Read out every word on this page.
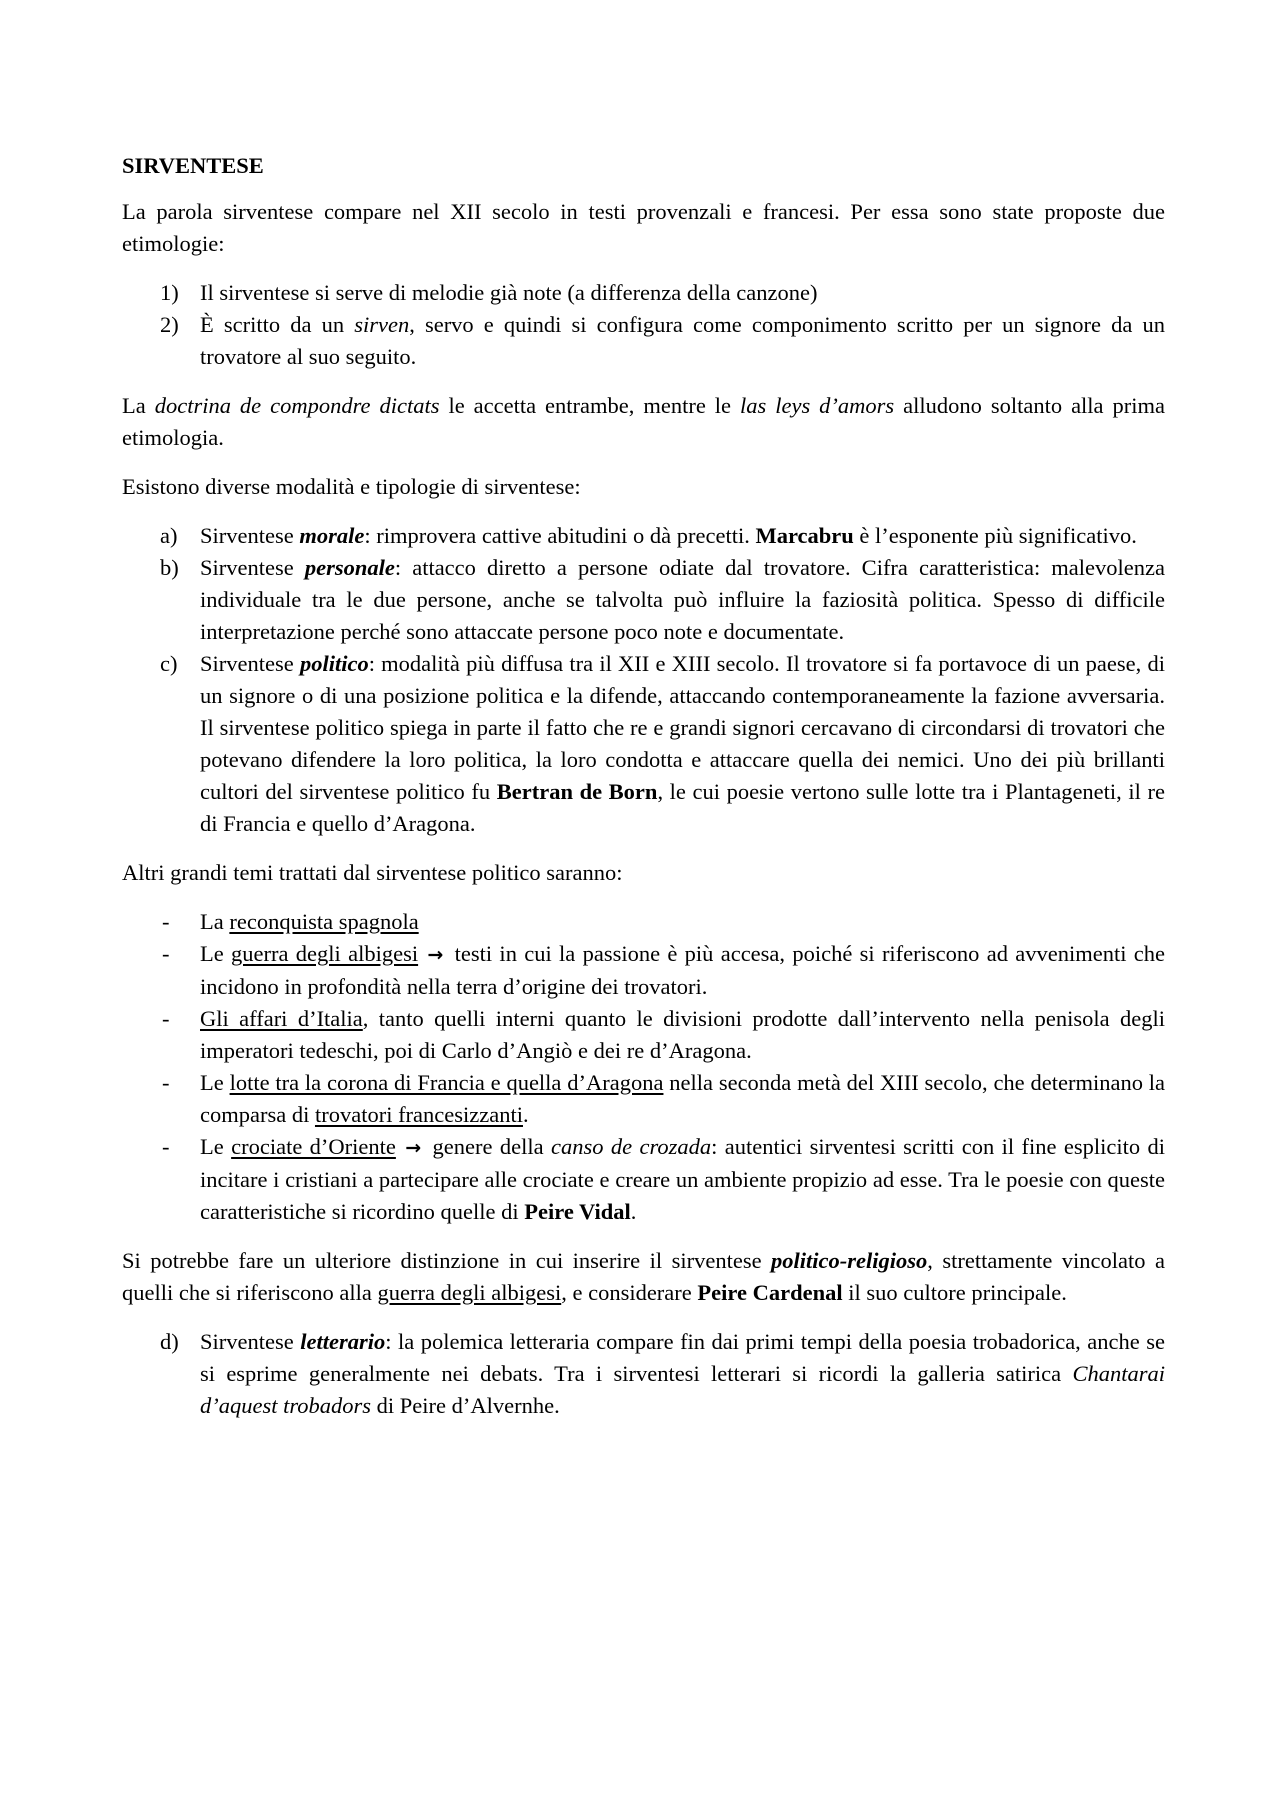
SIRVENTESE

La parola sirventese compare nel XII secolo in testi provenzali e francesi. Per essa sono state proposte due etimologie:

1) Il sirventese si serve di melodie già note (a differenza della canzone)
2) È scritto da un sirven, servo e quindi si configura come componimento scritto per un signore da un trovatore al suo seguito.

La doctrina de compondre dictats le accetta entrambe, mentre le las leys d’amors alludono soltanto alla prima etimologia.

Esistono diverse modalità e tipologie di sirventese:

a) Sirventese morale: rimprovera cattive abitudini o dà precetti. Marcabru è l’esponente più significativo.
b) Sirventese personale: attacco diretto a persone odiate dal trovatore. Cifra caratteristica: malevolenza individuale tra le due persone, anche se talvolta può influire la faziosità politica. Spesso di difficile interpretazione perché sono attaccate persone poco note e documentate.
c) Sirventese politico: modalità più diffusa tra il XII e XIII secolo. Il trovatore si fa portavoce di un paese, di un signore o di una posizione politica e la difende, attaccando contemporaneamente la fazione avversaria. Il sirventese politico spiega in parte il fatto che re e grandi signori cercavano di circondarsi di trovatori che potevano difendere la loro politica, la loro condotta e attaccare quella dei nemici. Uno dei più brillanti cultori del sirventese politico fu Bertran de Born, le cui poesie vertono sulle lotte tra i Plantageneti, il re di Francia e quello d’Aragona.

Altri grandi temi trattati dal sirventese politico saranno:

- La reconquista spagnola
- Le guerra degli albigesi → testi in cui la passione è più accesa, poiché si riferiscono ad avvenimenti che incidono in profondità nella terra d’origine dei trovatori.
- Gli affari d’Italia, tanto quelli interni quanto le divisioni prodotte dall’intervento nella penisola degli imperatori tedeschi, poi di Carlo d’Angiò e dei re d’Aragona.
- Le lotte tra la corona di Francia e quella d’Aragona nella seconda metà del XIII secolo, che determinano la comparsa di trovatori francesizzanti.
- Le crociate d’Oriente → genere della canso de crozada: autentici sirventesi scritti con il fine esplicito di incitare i cristiani a partecipare alle crociate e creare un ambiente propizio ad esse. Tra le poesie con queste caratteristiche si ricordino quelle di Peire Vidal.

Si potrebbe fare un ulteriore distinzione in cui inserire il sirventese politico-religioso, strettamente vincolato a quelli che si riferiscono alla guerra degli albigesi, e considerare Peire Cardenal il suo cultore principale.

d) Sirventese letterario: la polemica letteraria compare fin dai primi tempi della poesia trobadorica, anche se si esprime generalmente nei debats. Tra i sirventesi letterari si ricordi la galleria satirica Chantarai d’aquest trobadors di Peire d’Alvernhe.
